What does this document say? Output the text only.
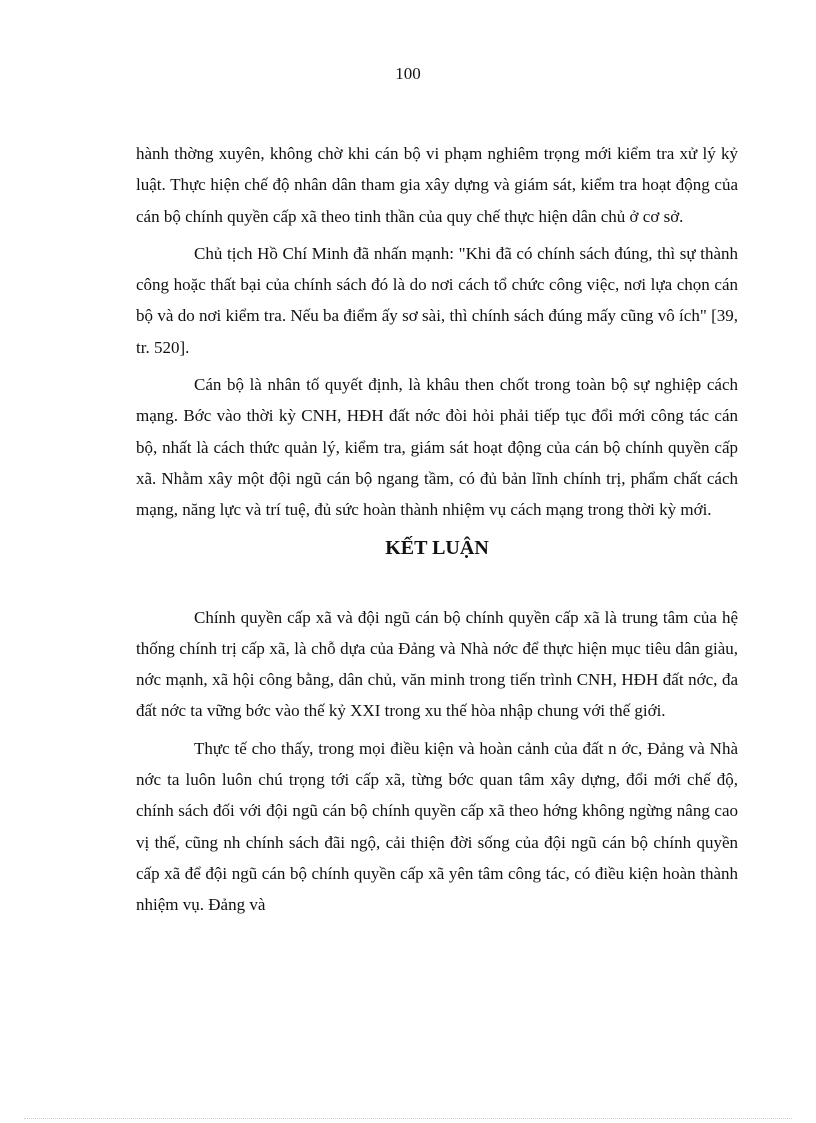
100

hành thờng xuyên, không chờ khi cán bộ vi phạm nghiêm trọng mới kiểm tra xử lý kỷ luật. Thực hiện chế độ nhân dân tham gia xây dựng và giám sát, kiểm tra hoạt động của cán bộ chính quyền cấp xã theo tinh thần của quy chế thực hiện dân chủ ở cơ sở.

Chủ tịch Hồ Chí Minh đã nhấn mạnh: "Khi đã có chính sách đúng, thì sự thành công hoặc thất bại của chính sách đó là do nơi cách tổ chức công việc, nơi lựa chọn cán bộ và do nơi kiểm tra. Nếu ba điểm ấy sơ sài, thì chính sách đúng mấy cũng vô ích" [39, tr. 520].

Cán bộ là nhân tố quyết định, là khâu then chốt trong toàn bộ sự nghiệp cách mạng. Bớc vào thời kỳ CNH, HĐH đất nớc đòi hỏi phải tiếp tục đổi mới công tác cán bộ, nhất là cách thức quản lý, kiểm tra, giám sát hoạt động của cán bộ chính quyền cấp xã. Nhằm xây một đội ngũ cán bộ ngang tầm, có đủ bản lĩnh chính trị, phẩm chất cách mạng, năng lực và trí tuệ, đủ sức hoàn thành nhiệm vụ cách mạng trong thời kỳ mới.

KẾT LUẬN

Chính quyền cấp xã và đội ngũ cán bộ chính quyền cấp xã là trung tâm của hệ thống chính trị cấp xã, là chỗ dựa của Đảng và Nhà nớc để thực hiện mục tiêu dân giàu, nớc mạnh, xã hội công bằng, dân chủ, văn minh trong tiến trình CNH, HĐH đất nớc, đa đất nớc ta vững bớc vào thế kỷ XXI trong xu thế hòa nhập chung với thế giới.

Thực tế cho thấy, trong mọi điều kiện và hoàn cảnh của đất n ớc, Đảng và Nhà nớc ta luôn luôn chú trọng tới cấp xã, từng bớc quan tâm xây dựng, đổi mới chế độ, chính sách đối với đội ngũ cán bộ chính quyền cấp xã theo hớng không ngừng nâng cao vị thế, cũng nh chính sách đãi ngộ, cải thiện đời sống của đội ngũ cán bộ chính quyền cấp xã để đội ngũ cán bộ chính quyền cấp xã yên tâm công tác, có điều kiện hoàn thành nhiệm vụ. Đảng và
